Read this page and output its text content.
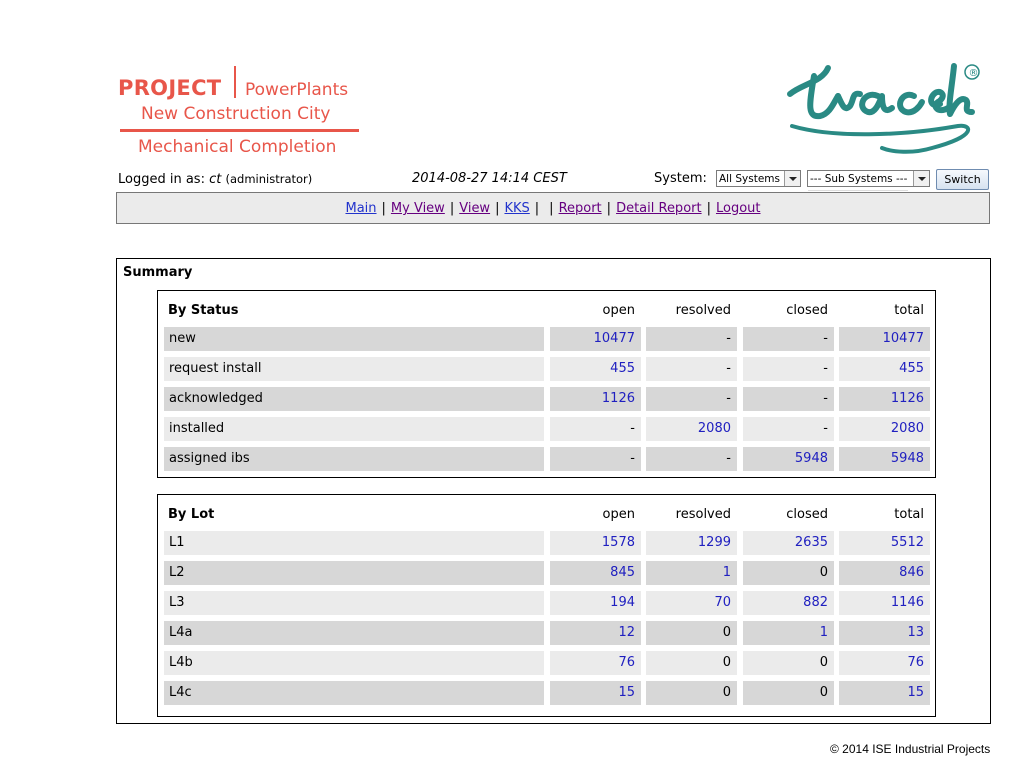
PROJECT PowerPlants
New Construction City
Mechanical Completion
®
Logged in as: ct (administrator)	2014-08-27 14:14 CEST	System: All Systems	--- Sub Systems ---	Switch
Main | My View | View | KKS | | Report | Detail Report | Logout
Summary
By Status	open	resolved	closed	total
new	10477	-	-	10477
request install	455	-	-	455
acknowledged	1126	-	-	1126
installed	-	2080	-	2080
assigned ibs	-	-	5948	5948
By Lot	open	resolved	closed	total
L1	1578	1299	2635	5512
L2	845	1	0	846
L3	194	70	882	1146
L4a	12	0	1	13
L4b	76	0	0	76
L4c	15	0	0	15
© 2014 ISE Industrial Projects
